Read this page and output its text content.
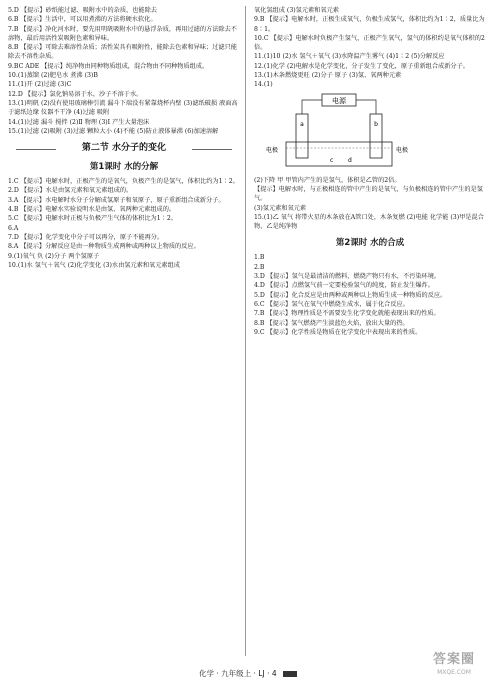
5.D 【提示】砂纸能过滤、吸附水中的杂质、也能除去

6.B 【提示】生活中，可以用煮沸的方法将硬水软化。

7.B 【提示】净化河水时，要先用明矾吸附水中的悬浮杂质，再用过滤的方法除去不溶物，最后用活性炭吸附色素和异味。

8.B 【提示】可除去难溶性杂质；活性炭具有吸附性，能除去色素和异味；过滤只能除去不溶性杂质。

9.BC ADE 【提示】纯净物由同种物质组成，混合物由不同种物质组成。

10.(1)蒸馏 (2)肥皂水 煮沸 (3)B

11.(1)开 (2)过滤 (3)C

12.D 【提示】氯化钠易溶于水，沙子不溶于水。

13.(1)明矾 (2)没有使用玻璃棒引流 漏斗下端没有紧靠烧杯内壁 (3)滤纸破损 液面高于滤纸边缘 仪器不干净 (4)过滤 吸附

14.(1)过滤 漏斗 搅拌 (2)Ⅱ 物理 (3)Ⅰ 产生大量泡沫

15.(1)过滤 (2)吸附 (3)过滤 颗粒大小 (4)不能 (5)防止液体暴沸 (6)加速溶解

第二节 水分子的变化
第1课时 水的分解

1.C 【提示】电解水时，正极产生的是氧气，负极产生的是氢气，体积比约为1∶2。

2.D 【提示】水是由氢元素和氧元素组成的。

3.A 【提示】水电解时水分子分解成氢原子和氧原子，原子重新组合成新分子。

4.B 【提示】电解水实验说明水是由氢、氧两种元素组成的。

5.C 【提示】电解水时正极与负极产生气体的体积比为1∶2。

6.A

7.D 【提示】化学变化中分子可以再分，原子不能再分。

8.A 【提示】分解反应是由一种物质生成两种或两种以上物质的反应。

9.(1)氧气 负 (2)分子 两个氢原子

10.(1)水 氢气＋氧气 (2)化学变化 (3)水由氢元素和氧元素组成

氧化氢组成 (3)氢元素和氧元素

9.B 【提示】电解水时，正极生成氧气，负极生成氢气，体积比约为1∶2，质量比为8∶1。

10.C 【提示】电解水时负极产生氢气，正极产生氧气，氢气的体积约是氧气体积的2倍。

11.(1)10 (2)水 氢气＋氧气 (3)水降温产生雾气 (4)1∶2 (5)分解反应

12.(1)化学 (2)电解水是化学变化，分子发生了变化，原子重新组合成新分子。

13.(1)木条燃烧更旺 (2)分子 原子 (3)氢、氧两种元素

14.(1)

电源
a	b
电极	电极
c d

(2)下降 甲 甲管内产生的是氢气，体积是乙管的2倍。

【提示】电解水时，与正极相连的管中产生的是氧气，与负极相连的管中产生的是氢气。

(3)氢元素和氧元素

15.(1)乙 氧气 将带火星的木条放在A管口处，木条复燃 (2)电能 化学能 (3)甲是混合物，乙是纯净物

第2课时 水的合成

1.B

2.B

3.D 【提示】氢气是最清洁的燃料，燃烧产物只有水，不污染环境。

4.D 【提示】点燃氢气前一定要检验氢气的纯度，防止发生爆炸。

5.D 【提示】化合反应是由两种或两种以上物质生成一种物质的反应。

6.C 【提示】氢气在氧气中燃烧生成水，属于化合反应。

7.B 【提示】物理性质是不需要发生化学变化就能表现出来的性质。

8.B 【提示】氢气燃烧产生淡蓝色火焰，放出大量的热。

9.C 【提示】化学性质是物质在化学变化中表现出来的性质。

化学 · 九年级上 · LJ · 4
答案圈
MXQE.COM
